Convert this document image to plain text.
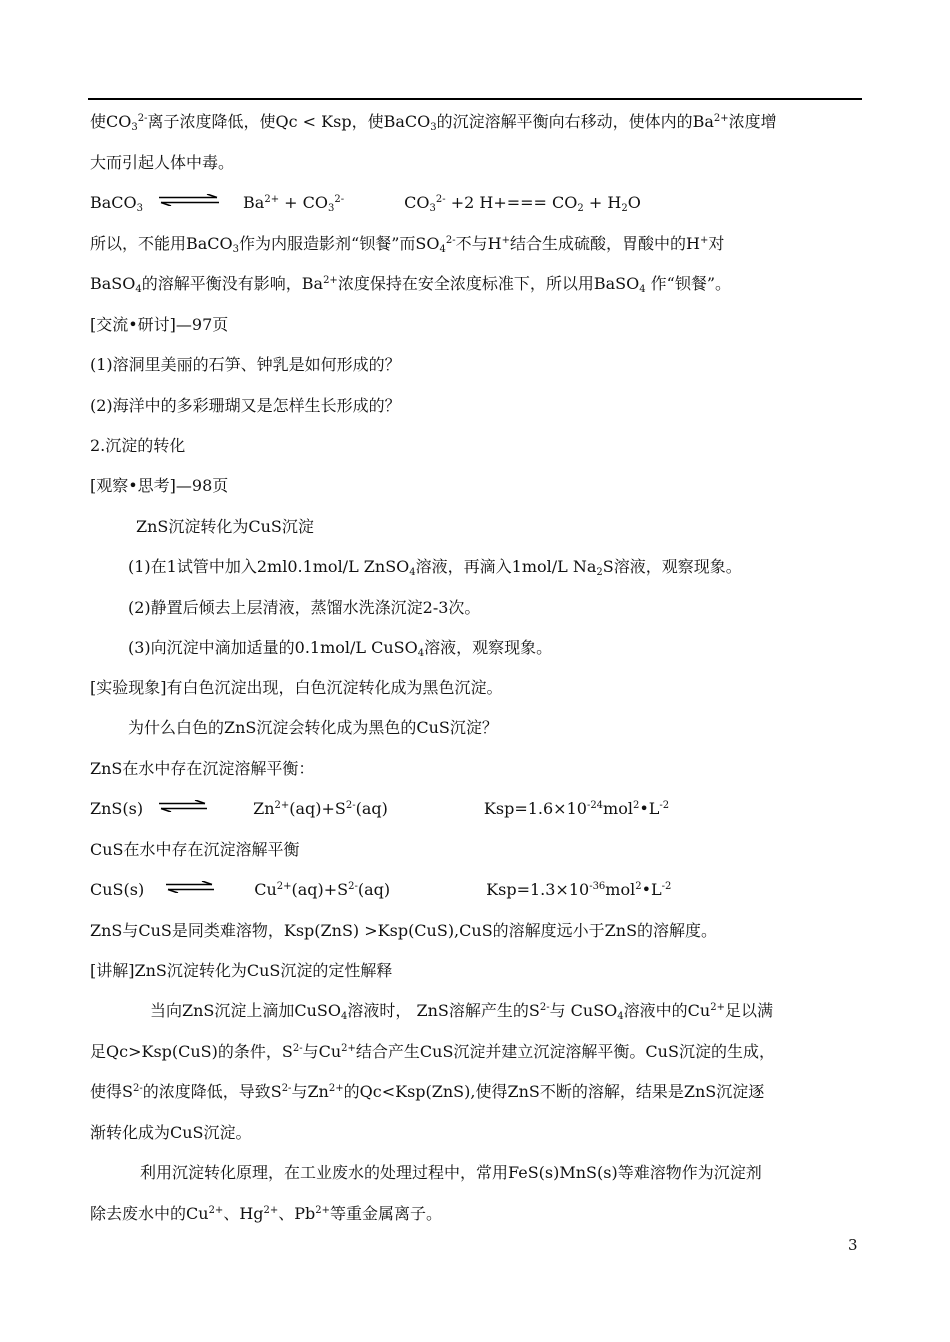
使$CO_3^{2-}$离子浓度降低，使Qc < Ksp，使BaCO$_3$的沉淀溶解平衡向右移动，使体内的$Ba^{2+}$浓度增
大而引起人体中毒。
BaCO$_3$ ⇌ $Ba^{2+} + CO_3^{2-}$	$CO_3^{2-} +2$ $H+=== CO_2 + H_2O$
所以，不能用BaCO$_3$作为内服造影剂“钡餐”而$SO_4^{2-}$不与H+结合生成硫酸，胃酸中的H+对
BaSO$_4$的溶解平衡没有影响，$Ba^{2+}$浓度保持在安全浓度标准下，所以用BaSO$_4$ 作“钡餐”。
[交流•研讨]—97页
(1)溶洞里美丽的石笋、钟乳是如何形成的？
(2)海洋中的多彩珊瑚又是怎样生长形成的？
2.沉淀的转化
[观察•思考]—98页
ZnS沉淀转化为CuS沉淀
(1)在1试管中加入2ml0.1mol/L ZnSO$_4$溶液，再滴入1mol/L $Na_2S$溶液，观察现象。
(2)静置后倾去上层清液，蒸馏水洗涤沉淀2-3次。
(3)向沉淀中滴加适量的0.1mol/L CuSO$_4$溶液，观察现象。
[实验现象]有白色沉淀出现，白色沉淀转化成为黑色沉淀。
为什么白色的ZnS沉淀会转化成为黑色的CuS沉淀？
ZnS在水中存在沉淀溶解平衡：
ZnS(s) ⇌	$Zn^{2+}(aq)+S^{2-}(aq)$	$Ksp=1.6\times 10^{-24}mol^2•L^{-2}$
CuS在水中存在沉淀溶解平衡
CuS(s) ⇌ $Cu^{2+}(aq)+S^{2-}(aq)$	$Ksp=1.3\times 10^{-36}mol^2•L^{-2}$
ZnS与CuS是同类难溶物，Ksp(ZnS) >Ksp(CuS),CuS的溶解度远小于ZnS的溶解度。
[讲解]ZnS沉淀转化为CuS沉淀的定性解释
当向ZnS沉淀上滴加CuSO$_4$溶液时， ZnS溶解产生的$S^{2-}$与 CuSO$_4$溶液中的$Cu^{2+}$足以满
足Qc>Ksp(CuS)的条件，$S^{2-}$与$Cu^{2+}$结合产生CuS沉淀并建立沉淀溶解平衡。CuS沉淀的生成，
使得$S^{2-}$的浓度降低，导致$S^{2-}$与$Zn^{2+}$的Qc<Ksp(ZnS),使得ZnS不断的溶解，结果是ZnS沉淀逐
渐转化成为CuS沉淀。
利用沉淀转化原理，在工业废水的处理过程中，常用FeS(s)MnS(s)等难溶物作为沉淀剂
除去废水中的$Cu^{2+}$、$Hg^{2+}$、$Pb^{2+}$等重金属离子。
3
